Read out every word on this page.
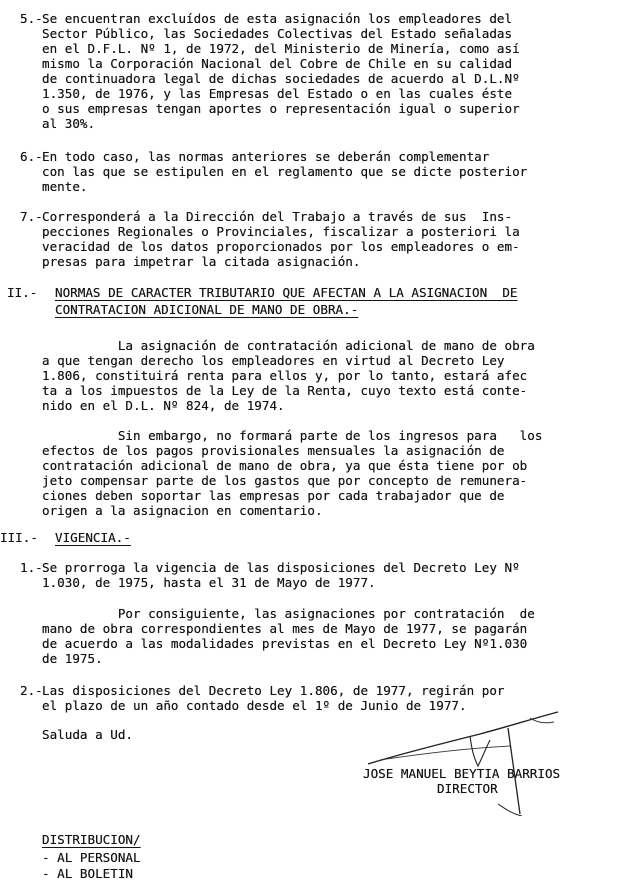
5.- Se encuentran excluídos de esta asignación los empleadores del
Sector Público, las Sociedades Colectivas del Estado señaladas
en el D.F.L. Nº 1, de 1972, del Ministerio de Minería, como así
mismo la Corporación Nacional del Cobre de Chile en su calidad
de continuadora legal de dichas sociedades de acuerdo al D.L.Nº
1.350, de 1976, y las Empresas del Estado o en las cuales éste
o sus empresas tengan aportes o representación igual o superior
al 30%.
6.- En todo caso, las normas anteriores se deberán complementar
con las que se estipulen en el reglamento que se dicte posterior
mente.
7.- Corresponderá a la Dirección del Trabajo a través de sus  Ins-
pecciones Regionales o Provinciales, fiscalizar a posteriori la
veracidad de los datos proporcionados por los empleadores o em-
presas para impetrar la citada asignación.
II.- NORMAS DE CARACTER TRIBUTARIO QUE AFECTAN A LA ASIGNACION  DE
CONTRATACION ADICIONAL DE MANO DE OBRA.-
La asignación de contratación adicional de mano de obra
a que tengan derecho los empleadores en virtud al Decreto Ley
1.806, constituirá renta para ellos y, por lo tanto, estará afec
ta a los impuestos de la Ley de la Renta, cuyo texto está conte-
nido en el D.L. Nº 824, de 1974.
Sin embargo, no formará parte de los ingresos para   los
efectos de los pagos provisionales mensuales la asignación de
contratación adicional de mano de obra, ya que ésta tiene por ob
jeto compensar parte de los gastos que por concepto de remunera-
ciones deben soportar las empresas por cada trabajador que de
origen a la asignacion en comentario.
III.- VIGENCIA.-
1.- Se prorroga la vigencia de las disposiciones del Decreto Ley Nº
1.030, de 1975, hasta el 31 de Mayo de 1977.
Por consiguiente, las asignaciones por contratación  de
mano de obra correspondientes al mes de Mayo de 1977, se pagarán
de acuerdo a las modalidades previstas en el Decreto Ley Nº1.030
de 1975.
2.- Las disposiciones del Decreto Ley 1.806, de 1977, regirán por
el plazo de un año contado desde el 1º de Junio de 1977.
Saluda a Ud.
JOSE MANUEL BEYTIA BARRIOS
DIRECTOR
DISTRIBUCION/
- AL PERSONAL
- AL BOLETIN
